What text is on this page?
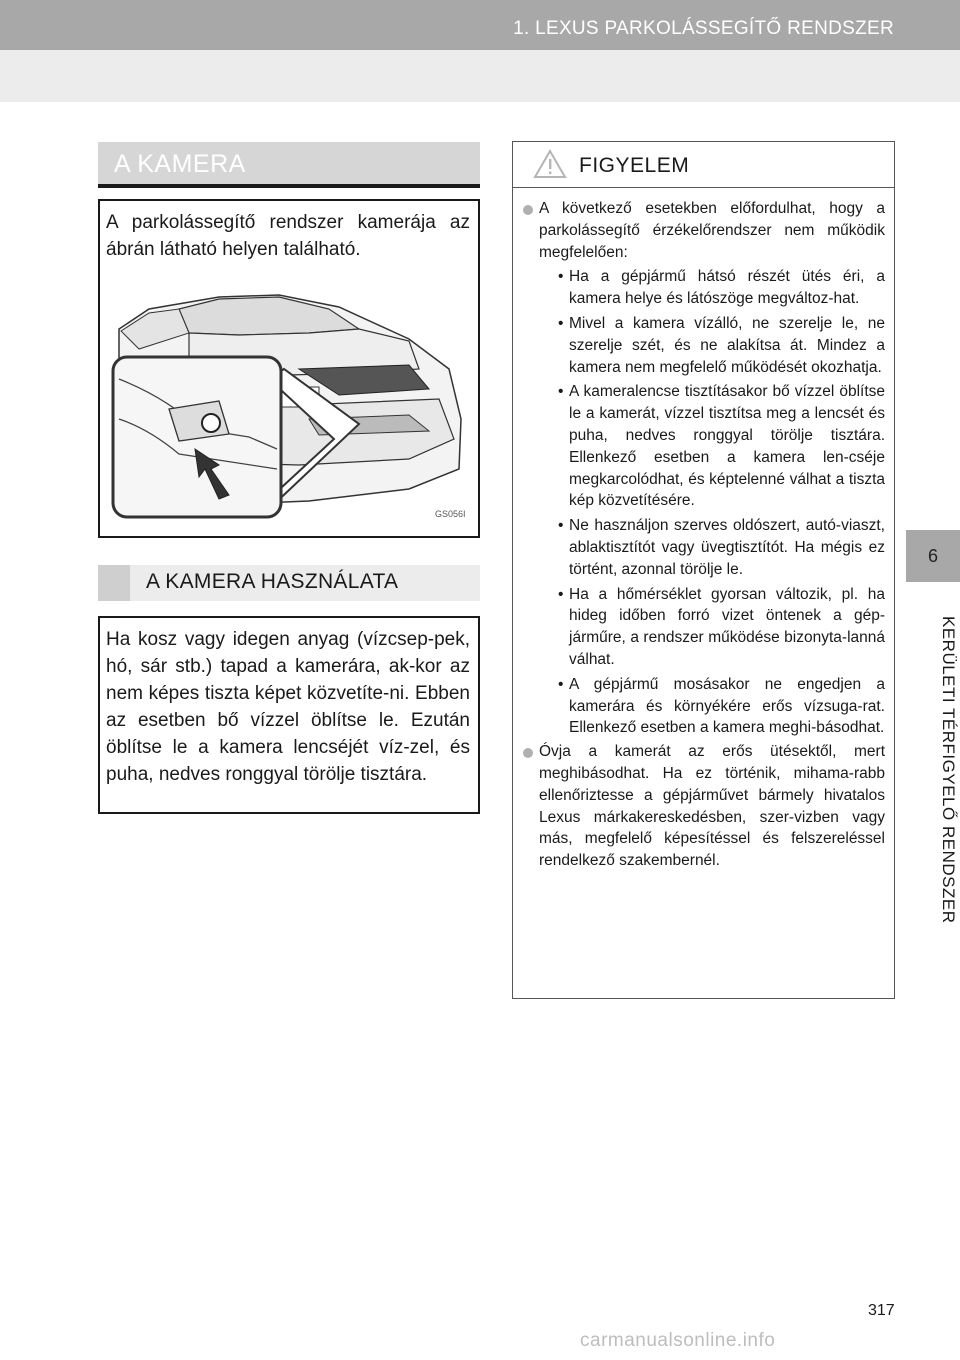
1. LEXUS PARKOLÁSSEGÍTŐ RENDSZER
6
KERÜLETI TÉRFIGYELŐ RENDSZER
A KAMERA
A parkolássegítő rendszer kamerája az ábrán látható helyen található.
GS056I
A KAMERA HASZNÁLATA
Ha kosz vagy idegen anyag (vízcsep-pek, hó, sár stb.) tapad a kamerára, ak-kor az nem képes tiszta képet közvetíte-ni. Ebben az esetben bő vízzel öblítse le. Ezután öblítse le a kamera lencséjét víz-zel, és puha, nedves ronggyal törölje tisztára.
FIGYELEM
A következő esetekben előfordulhat, hogy a parkolássegítő érzékelőrendszer nem működik megfelelően:
• Ha a gépjármű hátsó részét ütés éri, a kamera helye és látószöge megváltoz-hat.
• Mivel a kamera vízálló, ne szerelje le, ne szerelje szét, és ne alakítsa át. Mindez a kamera nem megfelelő működését okozhatja.
• A kameralencse tisztításakor bő vízzel öblítse le a kamerát, vízzel tisztítsa meg a lencsét és puha, nedves ronggyal törölje tisztára. Ellenkező esetben a kamera len-cséje megkarcolódhat, és képtelenné válhat a tiszta kép közvetítésére.
• Ne használjon szerves oldószert, autó-viaszt, ablaktisztítót vagy üvegtisztítót. Ha mégis ez történt, azonnal törölje le.
• Ha a hőmérséklet gyorsan változik, pl. ha hideg időben forró vizet öntenek a gép-járműre, a rendszer működése bizonyta-lanná válhat.
• A gépjármű mosásakor ne engedjen a kamerára és környékére erős vízsuga-rat. Ellenkező esetben a kamera meghi-básodhat.
Óvja a kamerát az erős ütésektől, mert meghibásodhat. Ha ez történik, mihama-rabb ellenőriztesse a gépjárművet bármely hivatalos Lexus márkakereskedésben, szer-vizben vagy más, megfelelő képesítéssel és felszereléssel rendelkező szakembernél.
317
carmanualsonline.info
